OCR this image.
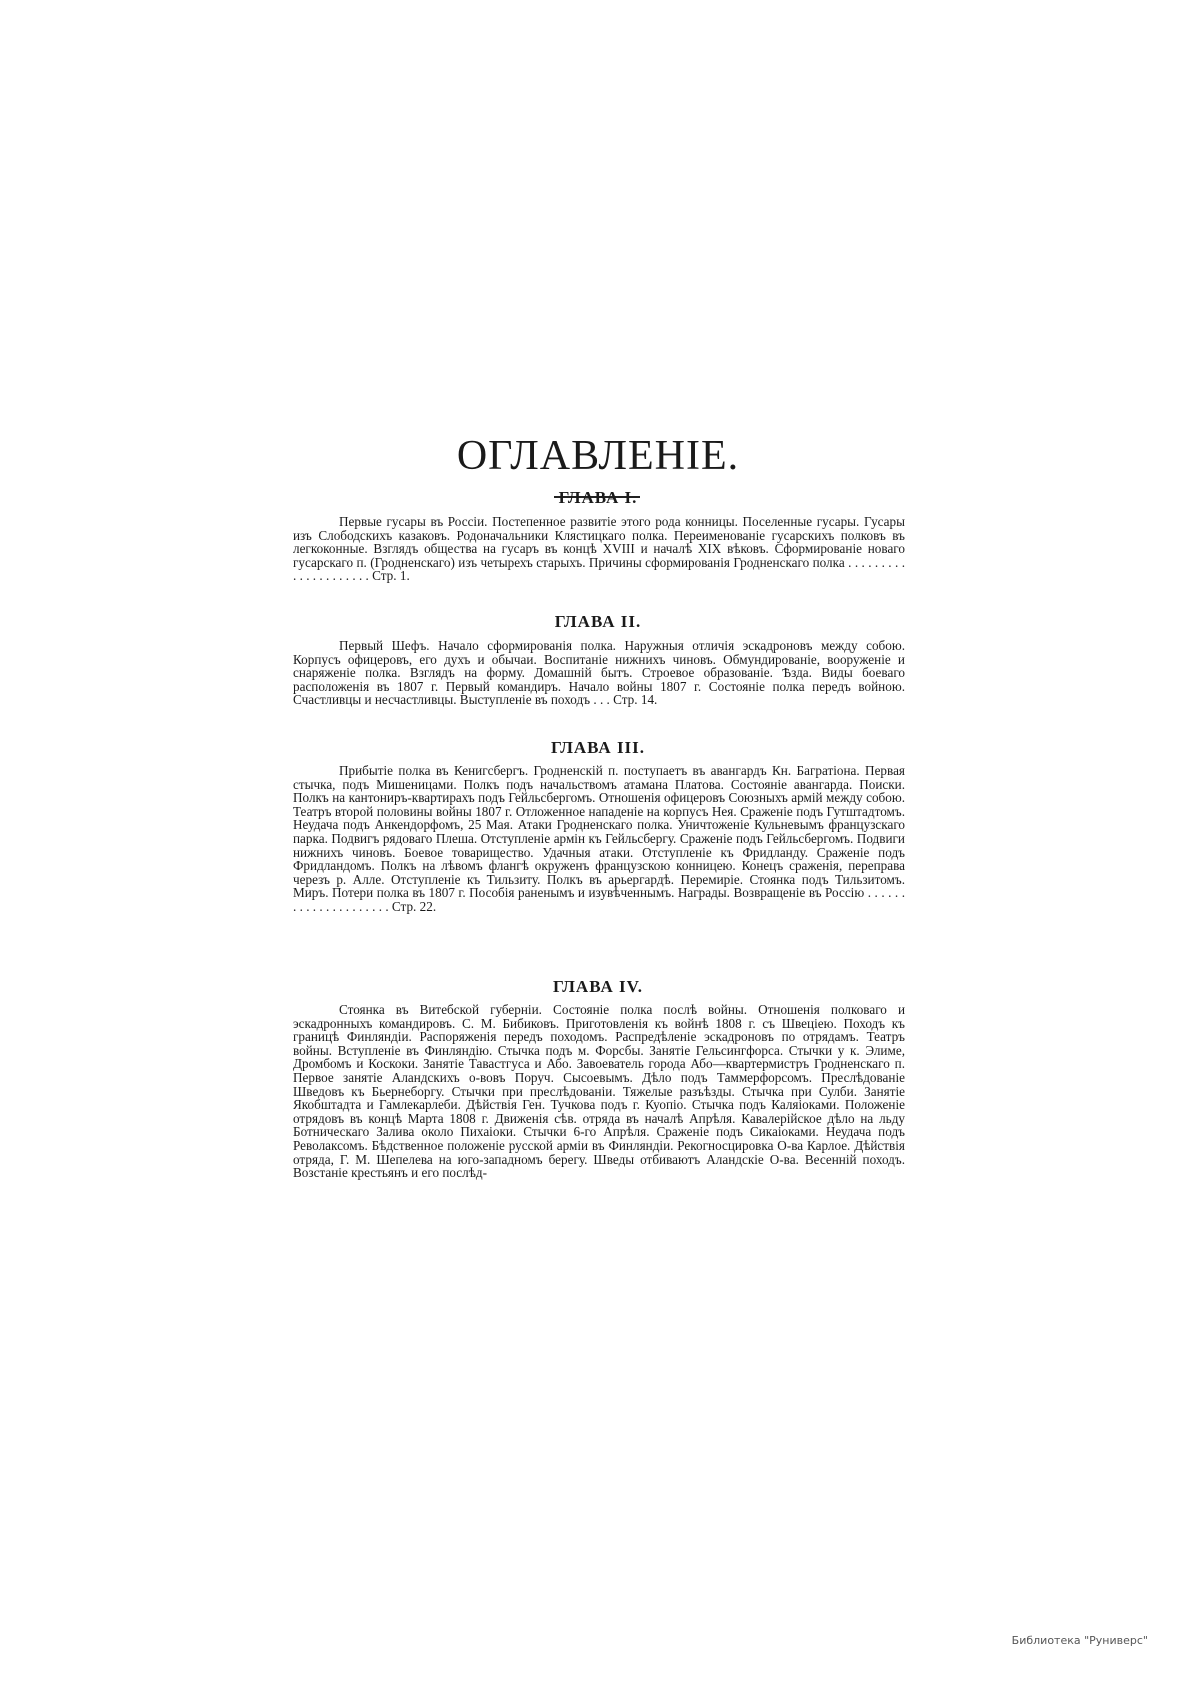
ОГЛАВЛЕНІЕ.
ГЛАВА I.

Первые гусары въ Россіи. Постепенное развитіе этого рода конницы. Поселенные гусары. Гусары изъ Слободскихъ казаковъ. Родоначальники Клястицкаго полка. Переименованіе гусарскихъ полковъ въ легкоконные. Взглядъ общества на гусаръ въ концѣ XVIII и началѣ XIX вѣковъ. Сформированіе новаго гусарскаго п. (Гродненскаго) изъ четырехъ старыхъ. Причины сформированія Гродненскаго полка . . . . . . . . . . . . . . . . . . . . . Стр. 1.

ГЛАВА II.

Первый Шефъ. Начало сформированія полка. Наружныя отличія эскадроновъ между собою. Корпусъ офицеровъ, его духъ и обычаи. Воспитаніе нижнихъ чиновъ. Обмундированіе, вооруженіе и снаряженіе полка. Взглядъ на форму. Домашній бытъ. Строевое образованіе. Ѣзда. Виды боеваго расположенія въ 1807 г. Первый командиръ. Начало войны 1807 г. Состояніе полка передъ войною. Счастливцы и несчастливцы. Выступленіе въ походъ . . . Стр. 14.

ГЛАВА III.

Прибытіе полка въ Кенигсбергъ. Гродненскій п. поступаетъ въ авангардъ Кн. Багратіона. Первая стычка, подъ Мишеницами. Полкъ подъ начальствомъ атамана Платова. Состояніе авангарда. Поиски. Полкъ на кантониръ-квартирахъ подъ Гейльсбергомъ. Отношенія офицеровъ Союзныхъ армій между собою. Театръ второй половины войны 1807 г. Отложенное нападеніе на корпусъ Нея. Сраженіе подъ Гутштадтомъ. Неудача подъ Анкендорфомъ, 25 Мая. Атаки Гродненскаго полка. Уничтоженіе Кульневымъ французскаго парка. Подвигъ рядоваго Плеша. Отступленіе армін къ Гейльсбергу. Сраженіе подъ Гейльсбергомъ. Подвиги нижнихъ чиновъ. Боевое товарищество. Удачныя атаки. Отступленіе къ Фридланду. Сраженіе подъ Фридландомъ. Полкъ на лѣвомъ флангѣ окруженъ французскою конницею. Конецъ сраженія, переправа черезъ р. Алле. Отступленіе къ Тильзиту. Полкъ въ арьергардѣ. Перемиріе. Стоянка подъ Тильзитомъ. Миръ. Потери полка въ 1807 г. Пособія раненымъ и изувѣченнымъ. Награды. Возвращеніе въ Россію . . . . . . . . . . . . . . . . . . . . . Стр. 22.

ГЛАВА IV.

Стоянка въ Витебской губерніи. Состояніе полка послѣ войны. Отношенія полковаго и эскадронныхъ командировъ. С. М. Бибиковъ. Приготовленія къ войнѣ 1808 г. съ Швеціею. Походъ къ границѣ Финляндіи. Распоряженія передъ походомъ. Распредѣленіе эскадроновъ по отрядамъ. Театръ войны. Вступленіе въ Финляндію. Стычка подъ м. Форсбы. Занятіе Гельсингфорса. Стычки у к. Элиме, Дромбомъ и Коскоки. Занятіе Тавастгуса и Або. Завоеватель города Або—квартермистръ Гродненскаго п. Первое занятіе Аландскихъ о-вовъ Поруч. Сысоевымъ. Дѣло подъ Таммерфорсомъ. Преслѣдованіе Шведовъ къ Бьернеборгу. Стычки при преслѣдованіи. Тяжелые разъѣзды. Стычка при Сулби. Занятіе Якобштадта и Гамлекарлеби. Дѣйствія Ген. Тучкова подъ г. Куопіо. Стычка подъ Каляіоками. Положеніе отрядовъ въ концѣ Марта 1808 г. Движенія сѣв. отряда въ началѣ Апрѣля. Кавалерійское дѣло на льду Ботническаго Залива около Пихаіоки. Стычки 6-го Апрѣля. Сраженіе подъ Сикаіоками. Неудача подъ Револаксомъ. Бѣдственное положеніе русской арміи въ Финляндіи. Рекогносцировка О-ва Карлое. Дѣйствія отряда, Г. М. Шепелева на юго-западномъ берегу. Шведы отбиваютъ Аландскіе О-ва. Весенній походъ. Возстаніе крестьянъ и его послѣд-

Библиотека "Руниверс"
